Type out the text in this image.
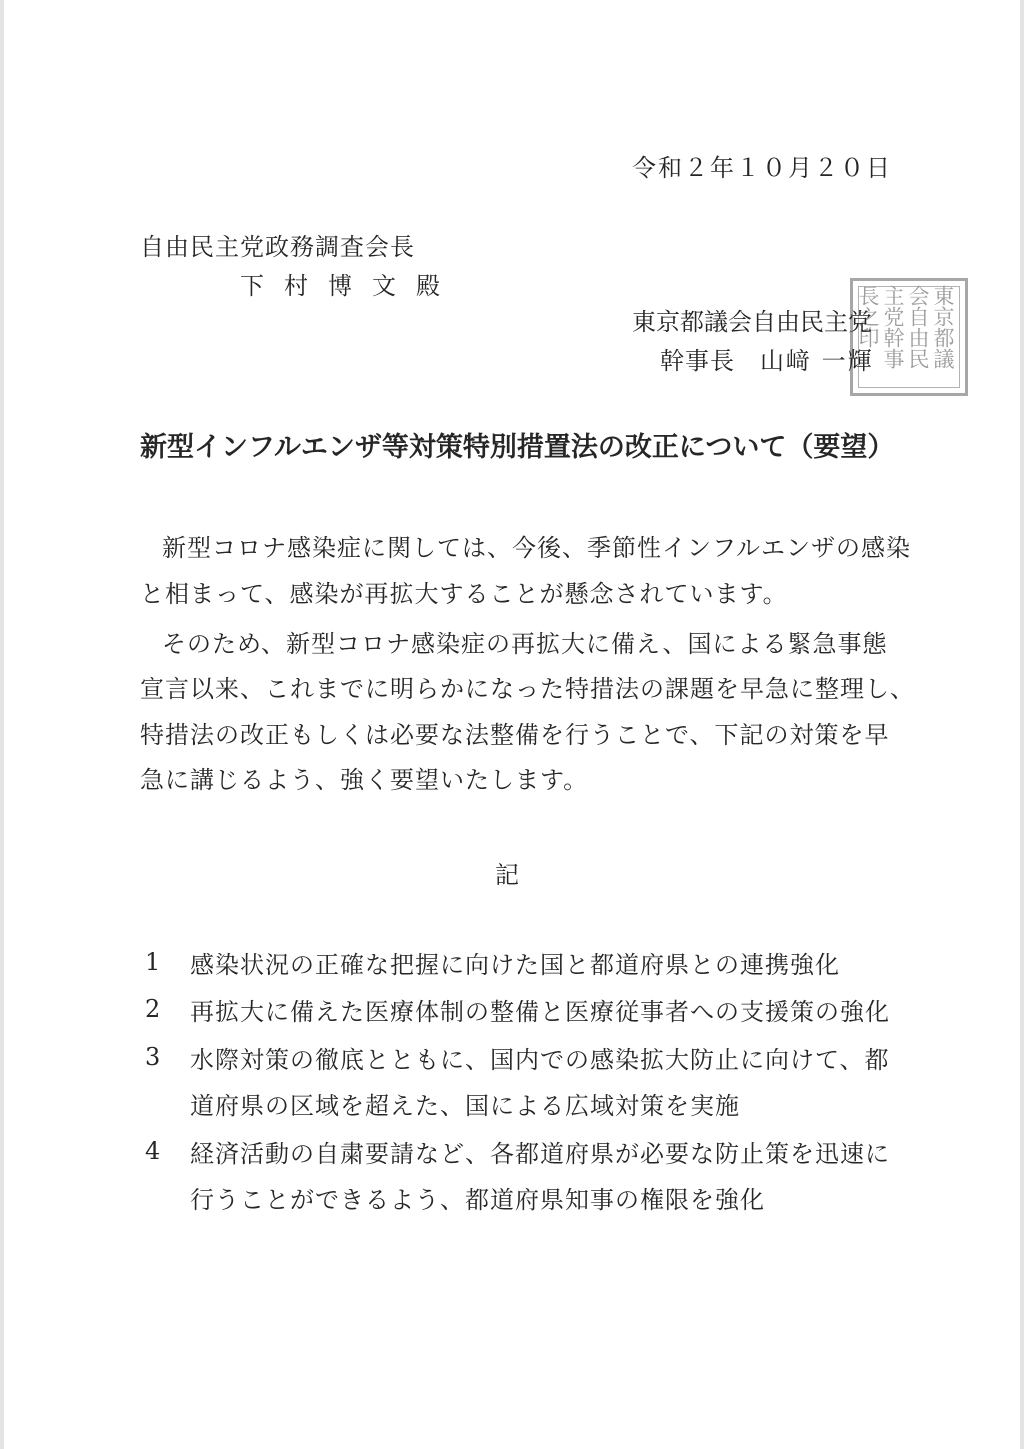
令和２年１０月２０日
自由民主党政務調査会長
下村博文殿	東京都議会自由民主党幹事長之印
東京都議会自由民主党
幹事長 山﨑 一輝
新型インフルエンザ等対策特別措置法の改正について（要望）
新型コロナ感染症に関しては、今後、季節性インフルエンザの感染
と相まって、感染が再拡大することが懸念されています。
そのため、新型コロナ感染症の再拡大に備え、国による緊急事態
宣言以来、これまでに明らかになった特措法の課題を早急に整理し、
特措法の改正もしくは必要な法整備を行うことで、下記の対策を早
急に講じるよう、強く要望いたします。
記
1 感染状況の正確な把握に向けた国と都道府県との連携強化
2 再拡大に備えた医療体制の整備と医療従事者への支援策の強化
3 水際対策の徹底とともに、国内での感染拡大防止に向けて、都
道府県の区域を超えた、国による広域対策を実施
4 経済活動の自粛要請など、各都道府県が必要な防止策を迅速に
行うことができるよう、都道府県知事の権限を強化
